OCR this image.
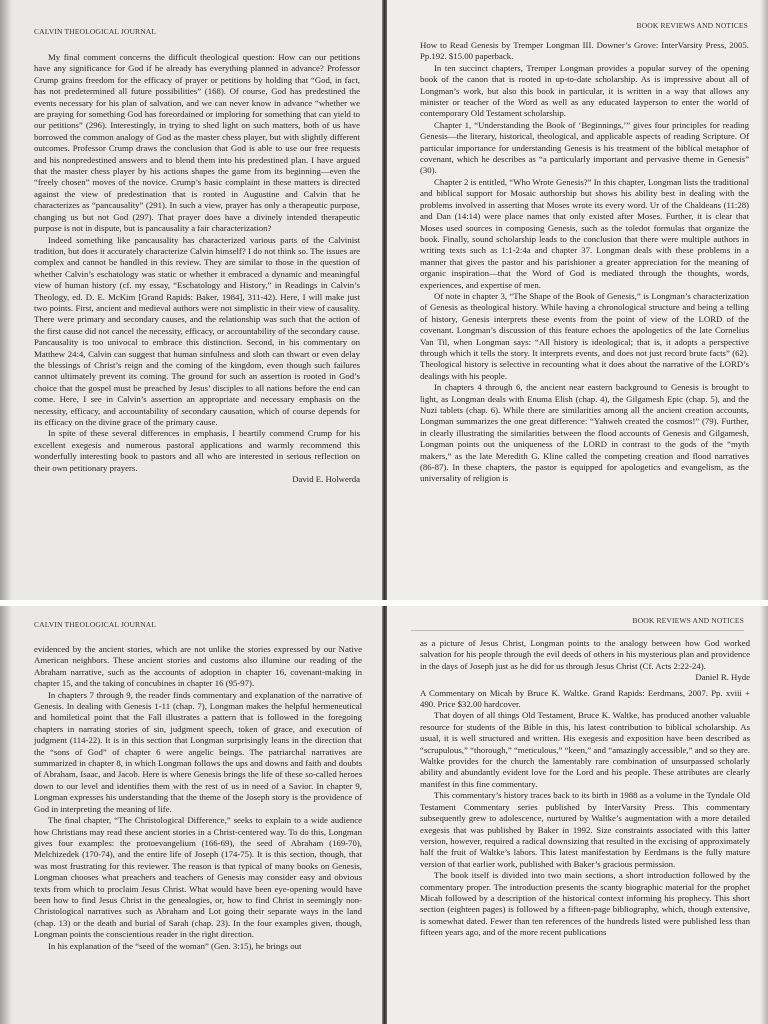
CALVIN THEOLOGICAL JOURNAL

My final comment concerns the difficult theological question: How can our petitions have any significance for God if he already has everything planned in advance? Professor Crump grains freedom for the efficacy of prayer or petitions by holding that “God, in fact, has not predetermined all future possibilities” (168). Of course, God has predestined the events necessary for his plan of salvation, and we can never know in advance “whether we are praying for something God has foreordained or imploring for something that can yield to our petitions” (296). Interestingly, in trying to shed light on such matters, both of us have borrowed the common analogy of God as the master chess player, but with slightly different outcomes. Professor Crump draws the conclusion that God is able to use our free requests and his nonpredestined answers and to blend them into his predestined plan. I have argued that the master chess player by his actions shapes the game from its beginning—even the “freely chosen” moves of the novice. Crump’s basic complaint in these matters is directed against the view of predestination that is rooted in Augustine and Calvin that he characterizes as “pancausality” (291). In such a view, prayer has only a therapeutic purpose, changing us but not God (297). That prayer does have a divinely intended therapeutic purpose is not in dispute, but is pancausality a fair characterization?

Indeed something like pancausality has characterized various parts of the Calvinist tradition, but does it accurately characterize Calvin himself? I do not think so. The issues are complex and cannot be handled in this review. They are similar to those in the question of whether Calvin’s eschatology was static or whether it embraced a dynamic and meaningful view of human history (cf. my essay, “Eschatology and History,” in Readings in Calvin’s Theology, ed. D. E. McKim [Grand Rapids: Baker, 1984], 311-42). Here, I will make just two points. First, ancient and medieval authors were not simplistic in their view of causality. There were primary and secondary causes, and the relationship was such that the action of the first cause did not cancel the necessity, efficacy, or accountability of the secondary cause. Pancausality is too univocal to embrace this distinction. Second, in his commentary on Matthew 24:4, Calvin can suggest that human sinfulness and sloth can thwart or even delay the blessings of Christ’s reign and the coming of the kingdom, even though such failures cannot ultimately prevent its coming. The ground for such an assertion is rooted in God’s choice that the gospel must be preached by Jesus’ disciples to all nations before the end can come. Here, I see in Calvin’s assertion an appropriate and necessary emphasis on the necessity, efficacy, and accountability of secondary causation, which of course depends for its efficacy on the divine grace of the primary cause.

In spite of these several differences in emphasis, I heartily commend Crump for his excellent exegesis and numerous pastoral applications and warmly recommend this wonderfully interesting book to pastors and all who are interested in serious reflection on their own petitionary prayers.

David E. Holwerda

BOOK REVIEWS AND NOTICES

How to Read Genesis by Tremper Longman III. Downer’s Grove: InterVarsity Press, 2005. Pp.192. $15.00 paperback.

In ten succinct chapters, Tremper Longman provides a popular survey of the opening book of the canon that is rooted in up-to-date scholarship. As is impressive about all of Longman’s work, but also this book in particular, it is written in a way that allows any minister or teacher of the Word as well as any educated layperson to enter the world of contemporary Old Testament scholarship.

Chapter 1, “Understanding the Book of ‘Beginnings,’” gives four principles for reading Genesis—the literary, historical, theological, and applicable aspects of reading Scripture. Of particular importance for understanding Genesis is his treatment of the biblical metaphor of covenant, which he describes as “a particularly important and pervasive theme in Genesis” (30).

Chapter 2 is entitled, “Who Wrote Genesis?” In this chapter, Longman lists the traditional and biblical support for Mosaic authorship but shows his ability best in dealing with the problems involved in asserting that Moses wrote its every word. Ur of the Chaldeans (11:28) and Dan (14:14) were place names that only existed after Moses. Further, it is clear that Moses used sources in composing Genesis, such as the toledot formulas that organize the book. Finally, sound scholarship leads to the conclusion that there were multiple authors in writing texts such as 1:1-2:4a and chapter 37. Longman deals with these problems in a manner that gives the pastor and his parishioner a greater appreciation for the meaning of organic inspiration—that the Word of God is mediated through the thoughts, words, experiences, and expertise of men.

Of note in chapter 3, “The Shape of the Book of Genesis,” is Longman’s characterization of Genesis as theological history. While having a chronological structure and being a telling of history, Genesis interprets these events from the point of view of the LORD of the covenant. Longman’s discussion of this feature echoes the apologetics of the late Cornelius Van Til, when Longman says: “All history is ideological; that is, it adopts a perspective through which it tells the story. It interprets events, and does not just record brute facts” (62). Theological history is selective in recounting what it does about the narrative of the LORD’s dealings with his people.

In chapters 4 through 6, the ancient near eastern background to Genesis is brought to light, as Longman deals with Enuma Elish (chap. 4), the Gilgamesh Epic (chap. 5), and the Nuzi tablets (chap. 6). While there are similarities among all the ancient creation accounts, Longman summarizes the one great difference: “Yahweh created the cosmos!” (79). Further, in clearly illustrating the similarities between the flood accounts of Genesis and Gilgamesh, Longman points out the uniqueness of the LORD in contrast to the gods of the “myth makers,” as the late Meredith G. Kline called the competing creation and flood narratives (86-87). In these chapters, the pastor is equipped for apologetics and evangelism, as the universality of religion is

CALVIN THEOLOGICAL JOURNAL

evidenced by the ancient stories, which are not unlike the stories expressed by our Native American neighbors. These ancient stories and customs also illumine our reading of the Abraham narrative, such as the accounts of adoption in chapter 16, covenant-making in chapter 15, and the taking of concubines in chapter 16 (95-97).

In chapters 7 through 9, the reader finds commentary and explanation of the narrative of Genesis. In dealing with Genesis 1-11 (chap. 7), Longman makes the helpful hermeneutical and homiletical point that the Fall illustrates a pattern that is followed in the foregoing chapters in narrating stories of sin, judgment speech, token of grace, and execution of judgment (114-22). It is in this section that Longman surprisingly leans in the direction that the “sons of God” of chapter 6 were angelic beings. The patriarchal narratives are summarized in chapter 8, in which Longman follows the ups and downs and faith and doubts of Abraham, Isaac, and Jacob. Here is where Genesis brings the life of these so-called heroes down to our level and identifies them with the rest of us in need of a Savior. In chapter 9, Longman expresses his understanding that the theme of the Joseph story is the providence of God in interpreting the meaning of life.

The final chapter, “The Christological Difference,” seeks to explain to a wide audience how Christians may read these ancient stories in a Christ-centered way. To do this, Longman gives four examples: the protoevangelium (166-69), the seed of Abraham (169-70), Melchizedek (170-74), and the entire life of Joseph (174-75). It is this section, though, that was most frustrating for this reviewer. The reason is that typical of many books on Genesis, Longman chooses what preachers and teachers of Genesis may consider easy and obvious texts from which to proclaim Jesus Christ. What would have been eye-opening would have been how to find Jesus Christ in the genealogies, or, how to find Christ in seemingly non-Christological narratives such as Abraham and Lot going their separate ways in the land (chap. 13) or the death and burial of Sarah (chap. 23). In the four examples given, though, Longman points the conscientious reader in the right direction.

In his explanation of the “seed of the woman” (Gen. 3:15), he brings out

BOOK REVIEWS AND NOTICES

as a picture of Jesus Christ, Longman points to the analogy between how God worked salvation for his people through the evil deeds of others in his mysterious plan and providence in the days of Joseph just as he did for us through Jesus Christ (Cf. Acts 2:22-24).

Daniel R. Hyde

A Commentary on Micah by Bruce K. Waltke. Grand Rapids: Eerdmans, 2007. Pp. xviii + 490. Price $32.00 hardcover.

That doyen of all things Old Testament, Bruce K. Waltke, has produced another valuable resource for students of the Bible in this, his latest contribution to biblical scholarship. As usual, it is well structured and written. His exegesis and exposition have been described as “scrupulous,” “thorough,” “meticulous,” “keen,” and “amazingly accessible,” and so they are. Waltke provides for the church the lamentably rare combination of unsurpassed scholarly ability and abundantly evident love for the Lord and his people. These attributes are clearly manifest in this fine commentary.

This commentary’s history traces back to its birth in 1988 as a volume in the Tyndale Old Testament Commentary series published by InterVarsity Press. This commentary subsequently grew to adolescence, nurtured by Waltke’s augmentation with a more detailed exegesis that was published by Baker in 1992. Size constraints associated with this latter version, however, required a radical downsizing that resulted in the excising of approximately half the fruit of Waltke’s labors. This latest manifestation by Eerdmans is the fully mature version of that earlier work, published with Baker’s gracious permission.

The book itself is divided into two main sections, a short introduction followed by the commentary proper. The introduction presents the scanty biographic material for the prophet Micah followed by a description of the historical context informing his prophecy. This short section (eighteen pages) is followed by a fifteen-page bibliography, which, though extensive, is somewhat dated. Fewer than ten references of the hundreds listed were published less than fifteen years ago, and of the more recent publications
